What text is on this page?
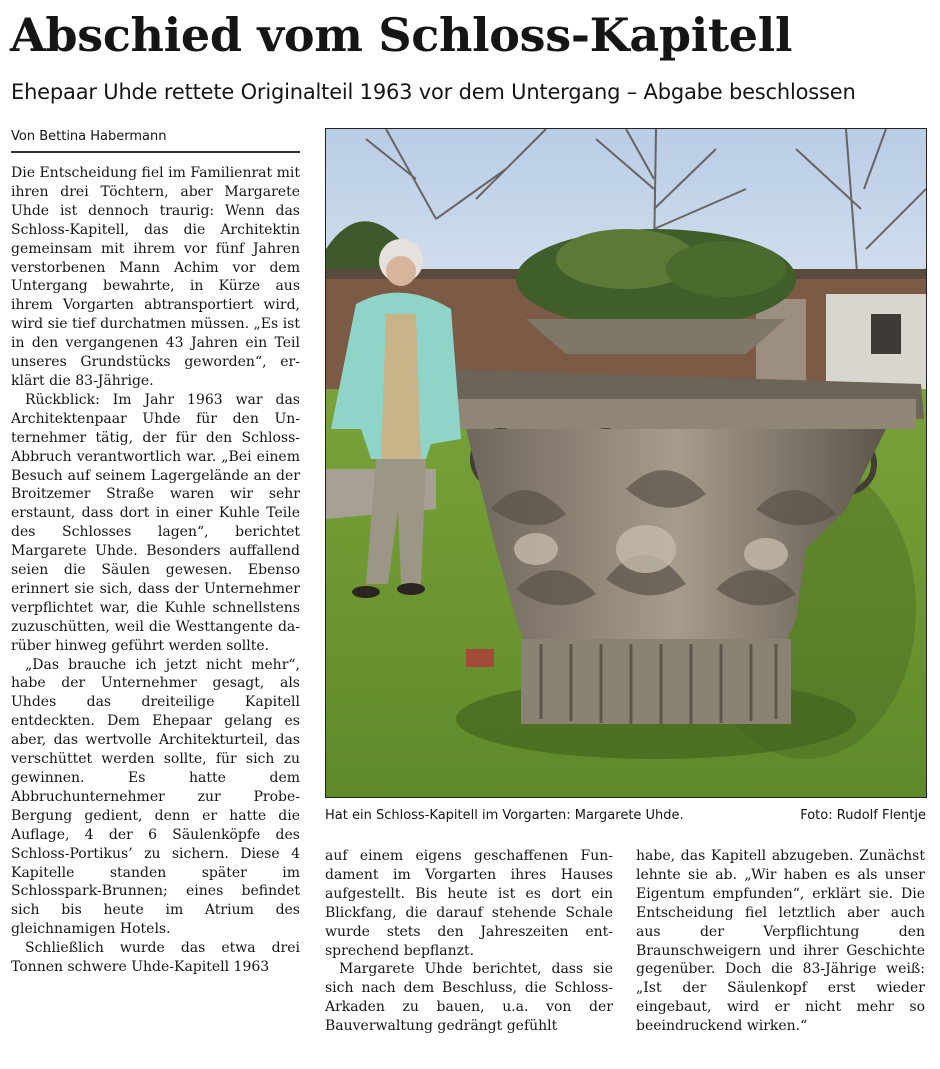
Abschied vom Schloss-Kapitell
Ehepaar Uhde rettete Originalteil 1963 vor dem Untergang – Abgabe beschlossen
Von Bettina Habermann

Die Entscheidung fiel im Familienrat mit ihren drei Töchtern, aber Margarete Uhde ist dennoch traurig: Wenn das Schloss-Kapitell, das die Architektin gemeinsam mit ihrem vor fünf Jahren verstorbenen Mann Achim vor dem Untergang bewahrte, in Kürze aus ihrem Vorgarten abtransportiert wird, wird sie tief durchatmen müssen. „Es ist in den vergangenen 43 Jahren ein Teil unseres Grundstücks geworden“, erklärt die 83-Jährige.

Rückblick: Im Jahr 1963 war das Architektenpaar Uhde für den Unternehmer tätig, der für den Schloss-Abbruch verantwortlich war. „Bei einem Besuch auf seinem Lagergelände an der Broitzemer Straße waren wir sehr erstaunt, dass dort in einer Kuhle Teile des Schlosses lagen“, berichtet Margarete Uhde. Besonders auffallend seien die Säulen gewesen. Ebenso erinnert sie sich, dass der Unternehmer verpflichtet war, die Kuhle schnellstens zuzuschütten, weil die Westtangente darüber hinweg geführt werden sollte.

„Das brauche ich jetzt nicht mehr“, habe der Unternehmer gesagt, als Uhdes das dreiteilige Kapitell entdeckten. Dem Ehepaar gelang es aber, das wertvolle Architekturteil, das verschüttet werden sollte, für sich zu gewinnen. Es hatte dem Abbruchunternehmer zur Probe-Bergung gedient, denn er hatte die Auflage, 4 der 6 Säulenköpfe des Schloss-Portikus’ zu sichern. Diese 4 Kapitelle standen später im Schlosspark-Brunnen; eines befindet sich bis heute im Atrium des gleichnamigen Hotels.

Schließlich wurde das etwa drei Tonnen schwere Uhde-Kapitell 1963

Hat ein Schloss-Kapitell im Vorgarten: Margarete Uhde.	Foto: Rudolf Flentje

auf einem eigens geschaffenen Fundament im Vorgarten ihres Hauses aufgestellt. Bis heute ist es dort ein Blickfang, die darauf stehende Schale wurde stets den Jahreszeiten entsprechend bepflanzt.

Margarete Uhde berichtet, dass sie sich nach dem Beschluss, die Schloss-Arkaden zu bauen, u.a. von der Bauverwaltung gedrängt gefühlt

habe, das Kapitell abzugeben. Zunächst lehnte sie ab. „Wir haben es als unser Eigentum empfunden“, erklärt sie. Die Entscheidung fiel letztlich aber auch aus der Verpflichtung den Braunschweigern und ihrer Geschichte gegenüber. Doch die 83-Jährige weiß: „Ist der Säulenkopf erst wieder eingebaut, wird er nicht mehr so beeindruckend wirken.“
